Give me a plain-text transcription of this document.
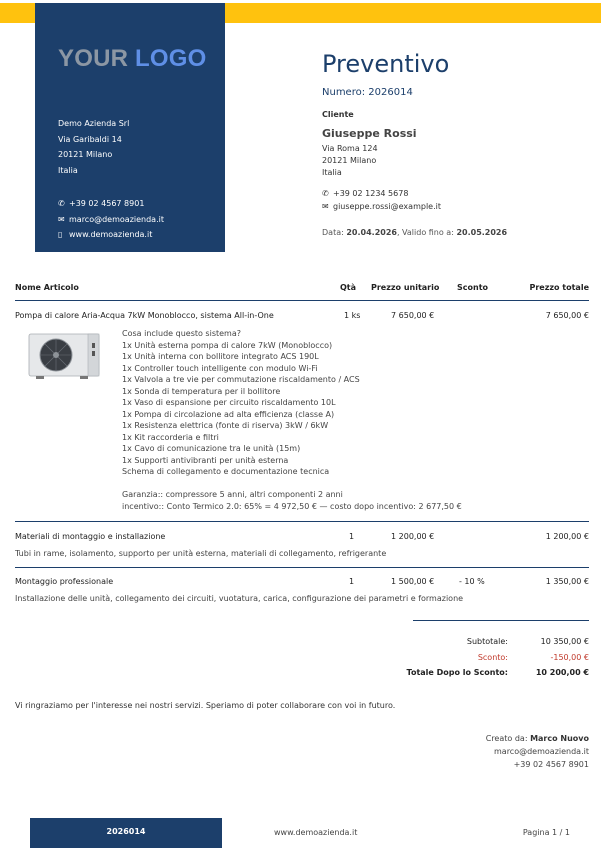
YOUR LOGO
Demo Azienda Srl
Via Garibaldi 14
20121 Milano
Italia
✆ +39 02 4567 8901
✉ marco@demoazienda.it
▯ www.demoazienda.it
Preventivo
Numero: 2026014
Cliente
Giuseppe Rossi
Via Roma 124
20121 Milano
Italia
✆ +39 02 1234 5678
✉ giuseppe.rossi@example.it
Data: 20.04.2026, Valido fino a: 20.05.2026
Nome Articolo	Qtà Prezzo unitario Sconto	Prezzo totale
Pompa di calore Aria-Acqua 7kW Monoblocco, sistema All-in-One	1 ks	7 650,00 €	7 650,00 €
Cosa include questo sistema?
1x Unità esterna pompa di calore 7kW (Monoblocco)
1x Unità interna con bollitore integrato ACS 190L
1x Controller touch intelligente con modulo Wi-Fi
1x Valvola a tre vie per commutazione riscaldamento / ACS
1x Sonda di temperatura per il bollitore
1x Vaso di espansione per circuito riscaldamento 10L
1x Pompa di circolazione ad alta efficienza (classe A)
1x Resistenza elettrica (fonte di riserva) 3kW / 6kW
1x Kit raccorderia e filtri
1x Cavo di comunicazione tra le unità (15m)
1x Supporti antivibranti per unità esterna
Schema di collegamento e documentazione tecnica

Garanzia:: compressore 5 anni, altri componenti 2 anni
incentivo:: Conto Termico 2.0: 65% = 4 972,50 € — costo dopo incentivo: 2 677,50 €
Materiali di montaggio e installazione	1	1 200,00 €	1 200,00 €
Tubi in rame, isolamento, supporto per unità esterna, materiali di collegamento, refrigerante
Montaggio professionale	1	1 500,00 €	- 10 %	1 350,00 €
Installazione delle unità, collegamento dei circuiti, vuotatura, carica, configurazione dei parametri e formazione
Subtotale:	10 350,00 €
Sconto:	-150,00 €
Totale Dopo lo Sconto:	10 200,00 €
Vi ringraziamo per l'interesse nei nostri servizi. Speriamo di poter collaborare con voi in futuro.
Creato da: Marco Nuovo
marco@demoazienda.it
+39 02 4567 8901
2026014	www.demoazienda.it	Pagina 1 / 1
